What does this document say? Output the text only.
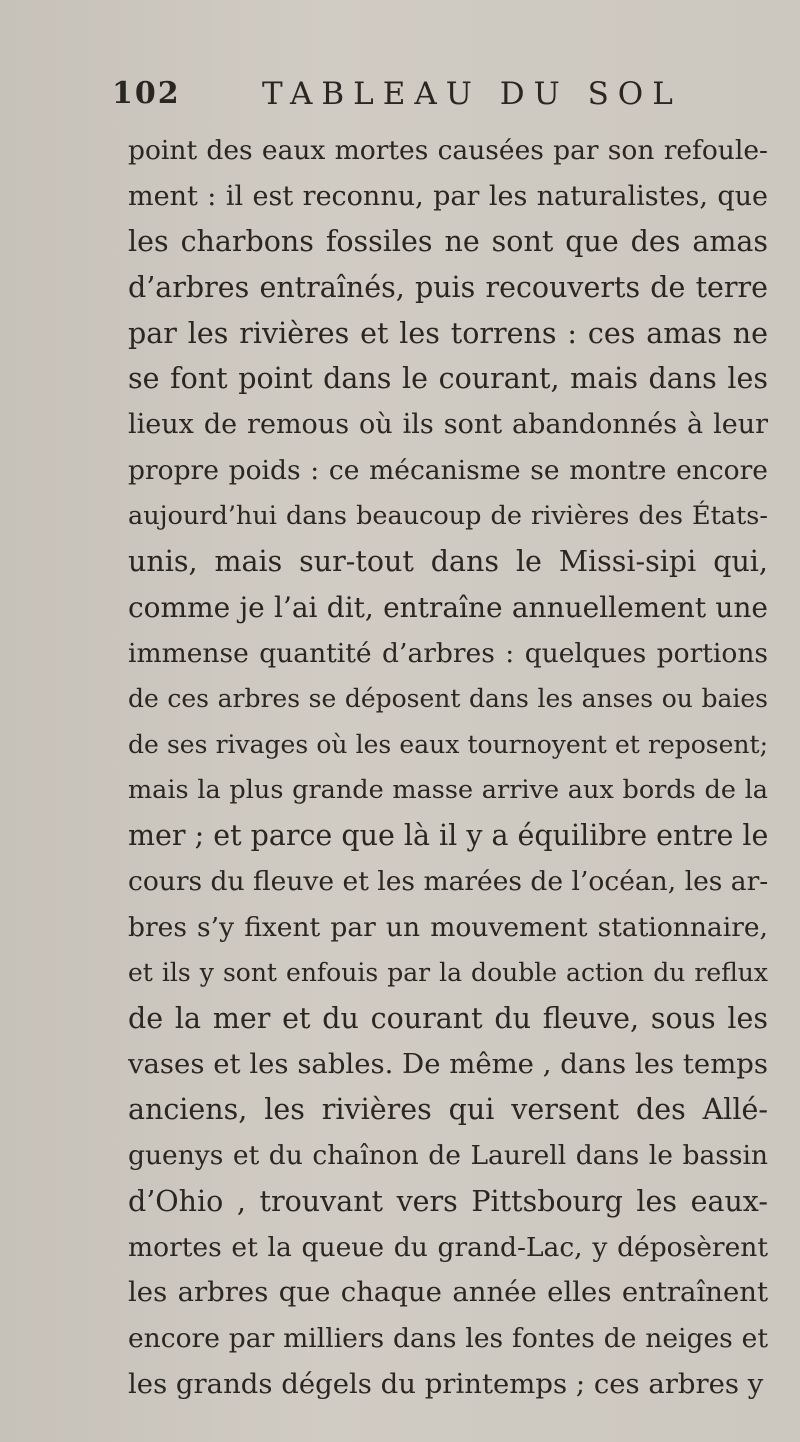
102	TABLEAU DU SOL
point des eaux mortes causées par son refoule-
ment : il est reconnu, par les naturalistes, que
les charbons fossiles ne sont que des amas
d’arbres entraînés, puis recouverts de terre
par les rivières et les torrens : ces amas ne
se font point dans le courant, mais dans les
lieux de remous où ils sont abandonnés à leur
propre poids : ce mécanisme se montre encore
aujourd’hui dans beaucoup de rivières des États-
unis, mais sur-tout dans le Missi-sipi qui,
comme je l’ai dit, entraîne annuellement une
immense quantité d’arbres : quelques portions
de ces arbres se déposent dans les anses ou baies
de ses rivages où les eaux tournoyent et reposent;
mais la plus grande masse arrive aux bords de la
mer ; et parce que là il y a équilibre entre le
cours du fleuve et les marées de l’océan, les ar-
bres s’y fixent par un mouvement stationnaire,
et ils y sont enfouis par la double action du reflux
de la mer et du courant du fleuve, sous les
vases et les sables. De même , dans les temps
anciens, les rivières qui versent des Allé-
guenys et du chaînon de Laurell dans le bassin
d’Ohio , trouvant vers Pittsbourg les eaux-
mortes et la queue du grand-Lac, y déposèrent
les arbres que chaque année elles entraînent
encore par milliers dans les fontes de neiges et
les grands dégels du printemps ; ces arbres y
